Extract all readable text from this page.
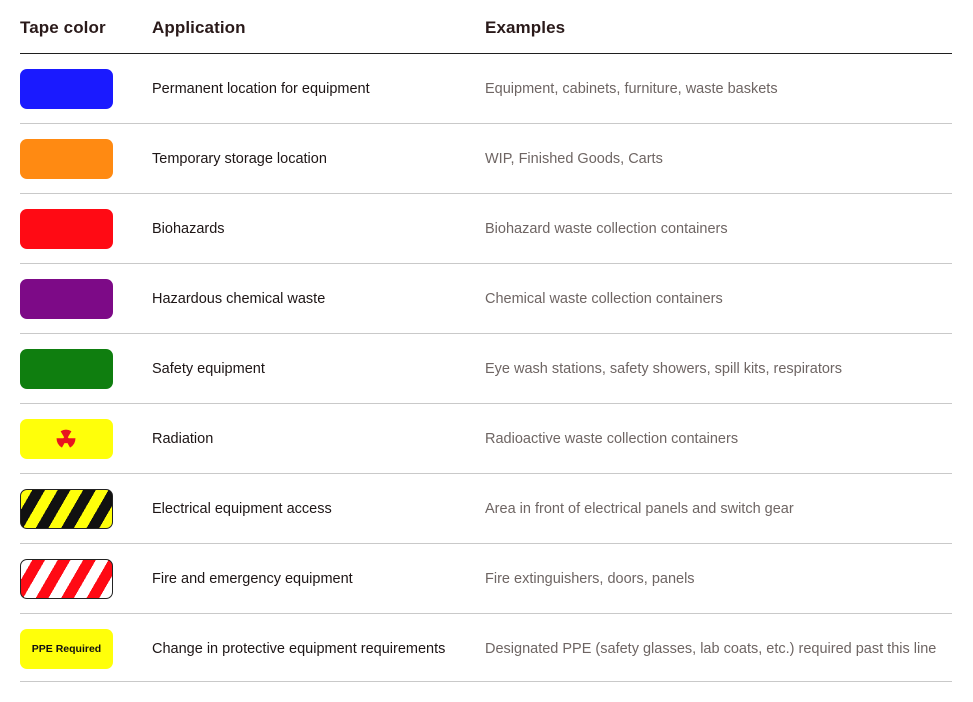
Tape color	Application	Examples
Permanent location for equipment	Equipment, cabinets, furniture, waste baskets
Temporary storage location	WIP, Finished Goods, Carts
Biohazards	Biohazard waste collection containers
Hazardous chemical waste	Chemical waste collection containers
Safety equipment	Eye wash stations, safety showers, spill kits, respirators
Radiation	Radioactive waste collection containers
Electrical equipment access	Area in front of electrical panels and switch gear
Fire and emergency equipment	Fire extinguishers, doors, panels
PPE Required	Change in protective equipment requirements	Designated PPE (safety glasses, lab coats, etc.) required past this line
